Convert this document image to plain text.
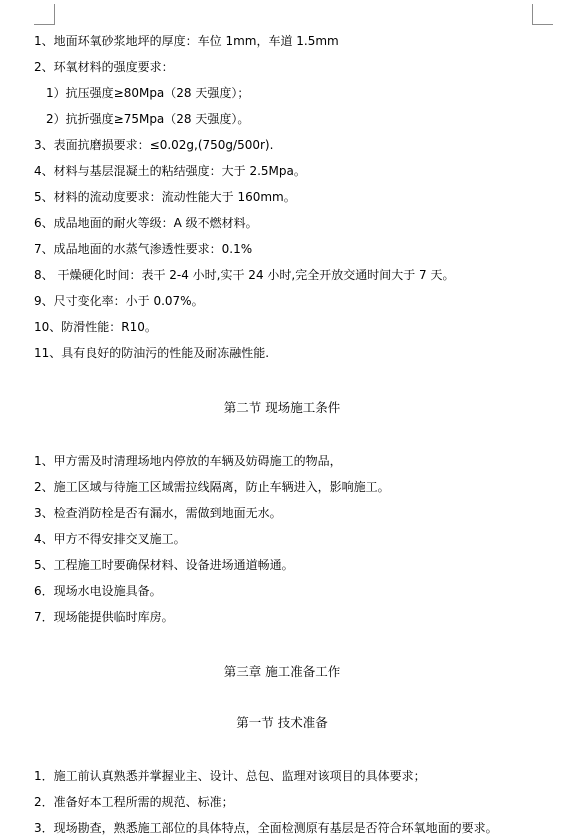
1、地面环氧砂浆地坪的厚度：车位 1mm，车道 1.5mm
2、环氧材料的强度要求：
1）抗压强度≥80Mpa（28 天强度）；
2）抗折强度≥75Mpa（28 天强度）。
3、表面抗磨损要求：≤0.02g,(750g/500r).
4、材料与基层混凝土的粘结强度：大于 2.5Mpa。
5、材料的流动度要求：流动性能大于 160mm。
6、成品地面的耐火等级：A 级不燃材料。
7、成品地面的水蒸气渗透性要求：0.1%
8、 干燥硬化时间：表干 2-4 小时,实干 24 小时,完全开放交通时间大于 7 天。
9、尺寸变化率：小于 0.07%。
10、防滑性能：R10。
11、具有良好的防油污的性能及耐冻融性能.
第二节 现场施工条件
1、甲方需及时清理场地内停放的车辆及妨碍施工的物品，
2、施工区域与待施工区域需拉线隔离，防止车辆进入，影响施工。
3、检查消防栓是否有漏水，需做到地面无水。
4、甲方不得安排交叉施工。
5、工程施工时要确保材料、设备进场通道畅通。
6．现场水电设施具备。
7．现场能提供临时库房。
第三章 施工准备工作
第一节 技术准备
1．施工前认真熟悉并掌握业主、设计、总包、监理对该项目的具体要求；
2．准备好本工程所需的规范、标准；
3．现场勘查，熟悉施工部位的具体特点，全面检测原有基层是否符合环氧地面的要求。
